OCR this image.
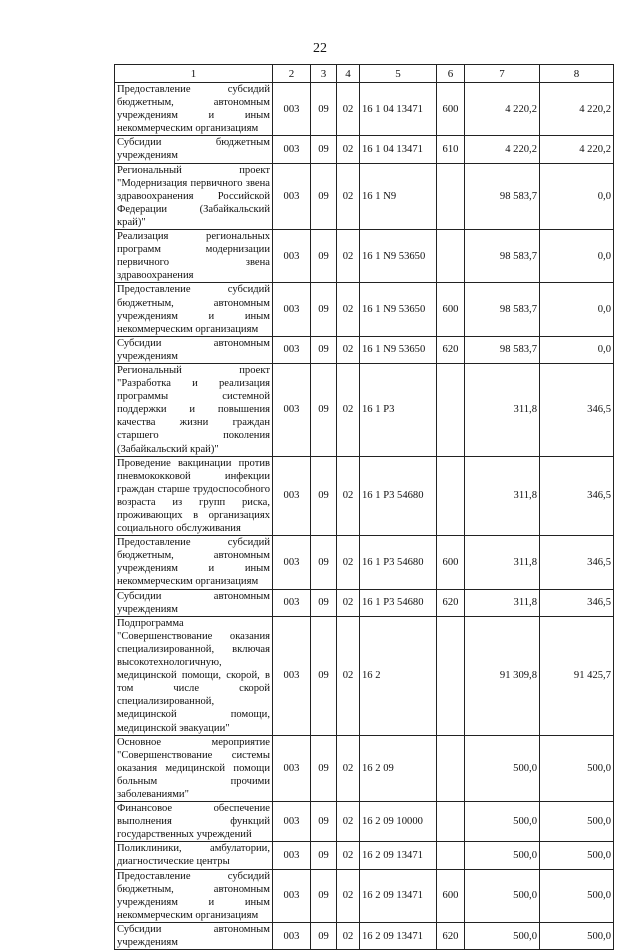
22
1	2	3	4	5	6	7	8
Предоставление субсидий бюджетным, автономным учреждениям и иным некоммерческим организациям	003	09	02	16 1 04 13471	600	4 220,2	4 220,2
Субсидии бюджетным учреждениям	003	09	02	16 1 04 13471	610	4 220,2	4 220,2
Региональный проект "Модернизация первичного звена здравоохранения Российской Федерации (Забайкальский край)"	003	09	02	16 1 N9		98 583,7	0,0
Реализация региональных программ модернизации первичного звена здравоохранения	003	09	02	16 1 N9 53650		98 583,7	0,0
Предоставление субсидий бюджетным, автономным учреждениям и иным некоммерческим организациям	003	09	02	16 1 N9 53650	600	98 583,7	0,0
Субсидии автономным учреждениям	003	09	02	16 1 N9 53650	620	98 583,7	0,0
Региональный проект "Разработка и реализация программы системной поддержки и повышения качества жизни граждан старшего поколения (Забайкальский край)"	003	09	02	16 1 P3		311,8	346,5
Проведение вакцинации против пневмококковой инфекции граждан старше трудоспособного возраста из групп риска, проживающих в организациях социального обслуживания	003	09	02	16 1 P3 54680		311,8	346,5
Предоставление субсидий бюджетным, автономным учреждениям и иным некоммерческим организациям	003	09	02	16 1 P3 54680	600	311,8	346,5
Субсидии автономным учреждениям	003	09	02	16 1 P3 54680	620	311,8	346,5
Подпрограмма "Совершенствование оказания специализированной, включая высокотехнологичную, медицинской помощи, скорой, в том числе скорой специализированной, медицинской помощи, медицинской эвакуации"	003	09	02	16 2		91 309,8	91 425,7
Основное мероприятие "Совершенствование системы оказания медицинской помощи больным прочими заболеваниями"	003	09	02	16 2 09		500,0	500,0
Финансовое обеспечение выполнения функций государственных учреждений	003	09	02	16 2 09 10000		500,0	500,0
Поликлиники, амбулатории, диагностические центры	003	09	02	16 2 09 13471		500,0	500,0
Предоставление субсидий бюджетным, автономным учреждениям и иным некоммерческим организациям	003	09	02	16 2 09 13471	600	500,0	500,0
Субсидии автономным учреждениям	003	09	02	16 2 09 13471	620	500,0	500,0
